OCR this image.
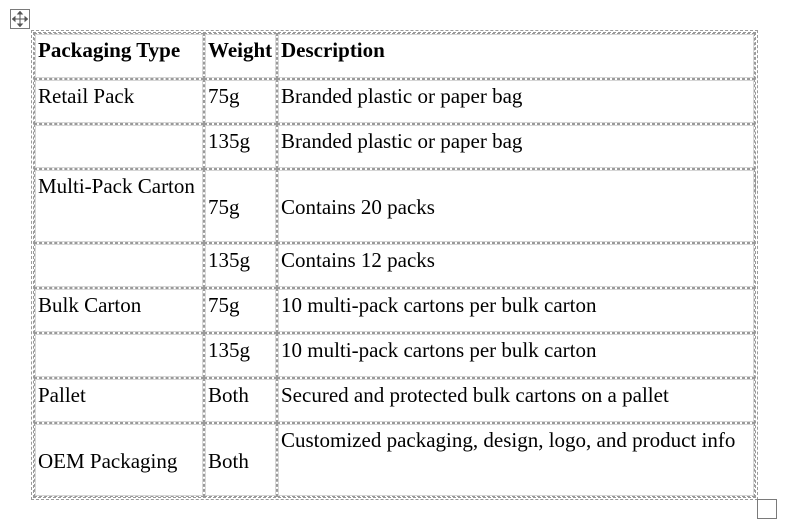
Packaging Type	Weight	Description
Retail Pack	75g	Branded plastic or paper bag
	135g	Branded plastic or paper bag
Multi-Pack Carton	75g	Contains 20 packs
	135g	Contains 12 packs
Bulk Carton	75g	10 multi-pack cartons per bulk carton
	135g	10 multi-pack cartons per bulk carton
Pallet	Both	Secured and protected bulk cartons on a pallet
OEM Packaging	Both	Customized packaging, design, logo, and product info
